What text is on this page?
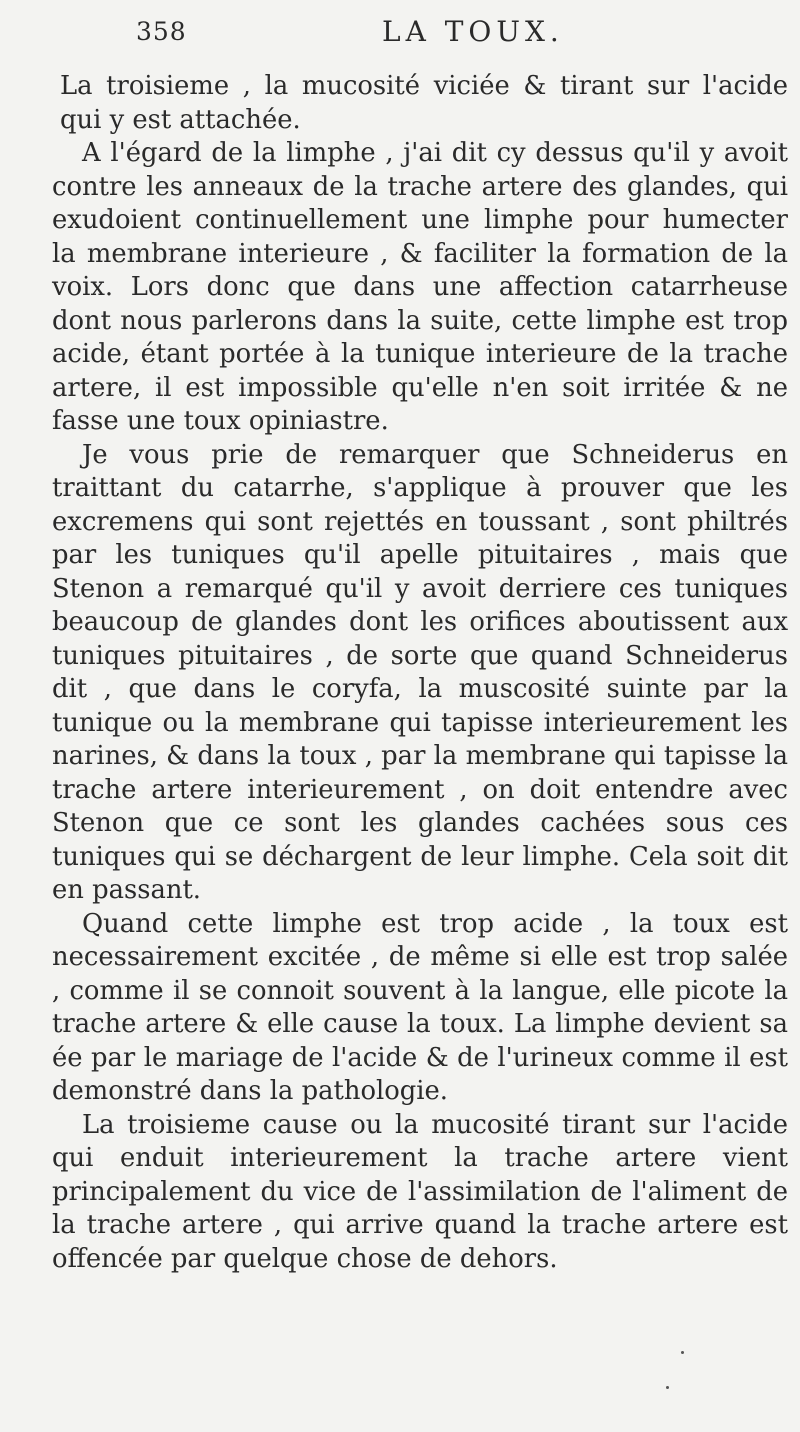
358	LA TOUX.

La troisieme , la mucosité viciée & tirant sur l'acide qui y est attachée.

A l'égard de la limphe , j'ai dit cy dessus qu'il y avoit contre les anneaux de la trache artere des glandes, qui exudoient continuellement une limphe pour humecter la membrane interieure , & faciliter la formation de la voix. Lors donc que dans une affection catarrheuse dont nous parlerons dans la suite, cette limphe est trop acide, étant portée à la tunique interieure de la trache artere, il est impossible qu'elle n'en soit irritée & ne fasse une toux opiniastre.

Je vous prie de remarquer que Schneiderus en traittant du catarrhe, s'applique à prouver que les excremens qui sont rejettés en toussant , sont philtrés par les tuniques qu'il apelle pituitaires , mais que Stenon a remarqué qu'il y avoit derriere ces tuniques beaucoup de glandes dont les orifices aboutissent aux tuniques pituitaires , de sorte que quand Schneiderus dit , que dans le coryfa, la muscosité suinte par la tunique ou la membrane qui tapisse interieurement les narines, & dans la toux , par la membrane qui tapisse la trache artere interieurement , on doit entendre avec Stenon que ce sont les glandes cachées sous ces tuniques qui se déchargent de leur limphe. Cela soit dit en passant.

Quand cette limphe est trop acide , la toux est necessairement excitée , de même si elle est trop salée , comme il se connoit souvent à la langue, elle picote la trache artere & elle cause la toux. La limphe devient sa ée par le mariage de l'acide & de l'urineux comme il est demonstré dans la pathologie.

La troisieme cause ou la mucosité tirant sur l'acide qui enduit interieurement la trache artere vient principalement du vice de l'assimilation de l'aliment de la trache artere , qui arrive quand la trache artere est offencée par quelque chose de dehors.
